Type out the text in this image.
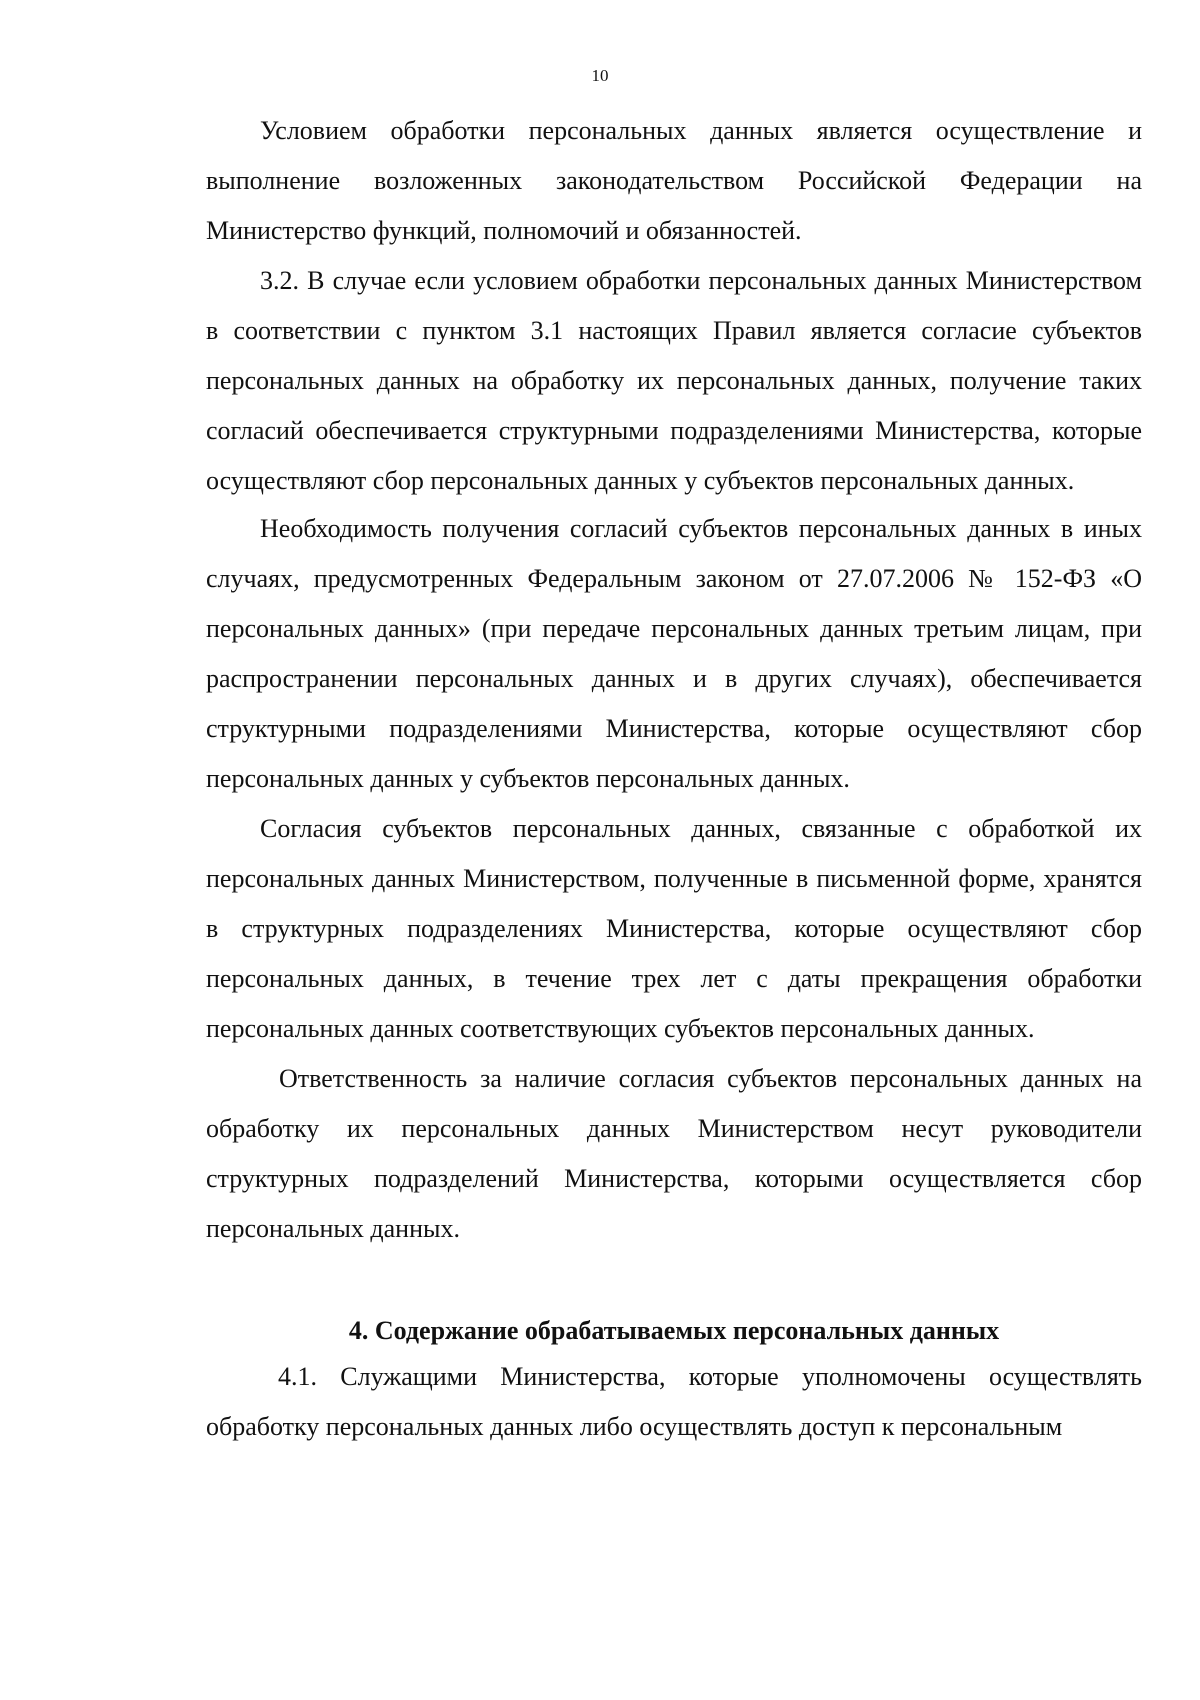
10

Условием обработки персональных данных является осуществление и выполнение возложенных законодательством Российской Федерации на Министерство функций, полномочий и обязанностей.

3.2. В случае если условием обработки персональных данных Министерством в соответствии с пунктом 3.1 настоящих Правил является согласие субъектов персональных данных на обработку их персональных данных, получение таких согласий обеспечивается структурными подразделениями Министерства, которые осуществляют сбор персональных данных у субъектов персональных данных.

Необходимость получения согласий субъектов персональных данных в иных случаях, предусмотренных Федеральным законом от 27.07.2006 № 152-ФЗ «О персональных данных» (при передаче персональных данных третьим лицам, при распространении персональных данных и в других случаях), обеспечивается структурными подразделениями Министерства, которые осуществляют сбор персональных данных у субъектов персональных данных.

Согласия субъектов персональных данных, связанные с обработкой их персональных данных Министерством, полученные в письменной форме, хранятся в структурных подразделениях Министерства, которые осуществляют сбор персональных данных, в течение трех лет с даты прекращения обработки персональных данных соответствующих субъектов персональных данных.

Ответственность за наличие согласия субъектов персональных данных на обработку их персональных данных Министерством несут руководители структурных подразделений Министерства, которыми осуществляется сбор персональных данных.

4. Содержание обрабатываемых персональных данных

4.1. Служащими Министерства, которые уполномочены осуществлять обработку персональных данных либо осуществлять доступ к персональным
